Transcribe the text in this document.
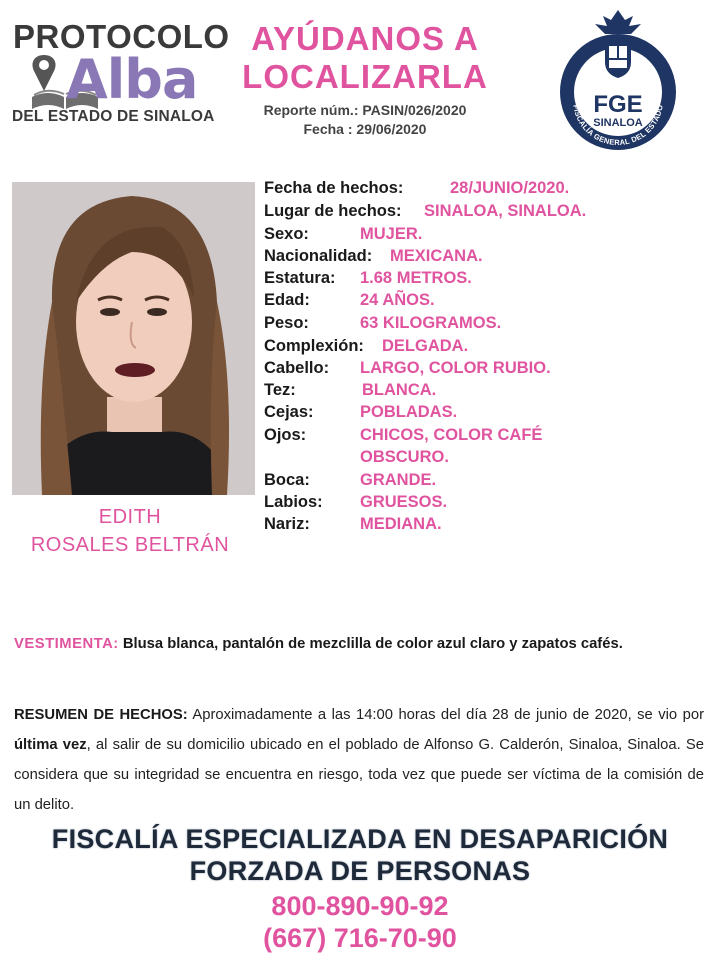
PROTOCOLO
Alba
DEL ESTADO DE SINALOA
AYÚDANOS A
LOCALIZARLA
Reporte núm.: PASIN/026/2020
Fecha : 29/06/2020
FGE
SINALOA
FISCALÍA GENERAL DEL ESTADO
EDITH
ROSALES BELTRÁN
Fecha de hechos:	28/JUNIO/2020.
Lugar de hechos: SINALOA, SINALOA.
Sexo:	MUJER.
Nacionalidad: MEXICANA.
Estatura: 1.68 METROS.
Edad:	24 AÑOS.
Peso:	63 KILOGRAMOS.
Complexión: DELGADA.
Cabello: LARGO, COLOR RUBIO.
Tez:	BLANCA.
Cejas:	POBLADAS.
Ojos:	CHICOS, COLOR CAFÉ
OBSCURO.
Boca:	GRANDE.
Labios: GRUESOS.
Nariz:	MEDIANA.
VESTIMENTA: Blusa blanca, pantalón de mezclilla de color azul claro y zapatos cafés.
RESUMEN DE HECHOS: Aproximadamente a las 14:00 horas del día 28 de junio de 2020, se vio por última vez, al salir de su domicilio ubicado en el poblado de Alfonso G. Calderón, Sinaloa, Sinaloa. Se considera que su integridad se encuentra en riesgo, toda vez que puede ser víctima de la comisión de un delito.
FISCALÍA ESPECIALIZADA EN DESAPARICIÓN
FORZADA DE PERSONAS
800-890-90-92
(667) 716-70-90
